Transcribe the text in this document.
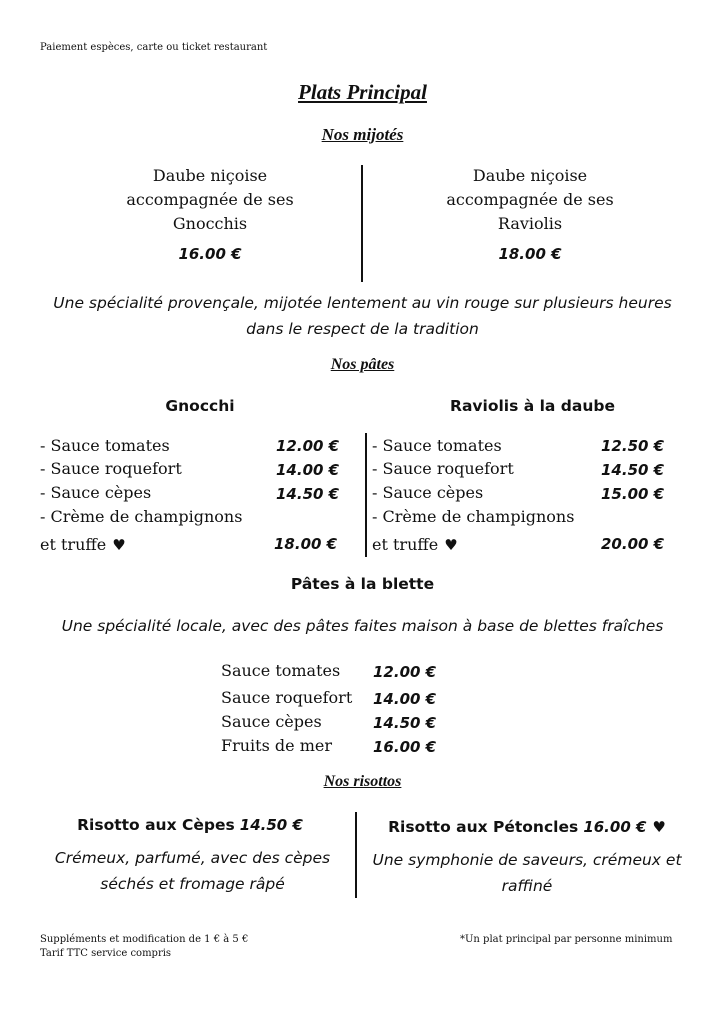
Paiement espèces, carte ou ticket restaurant
Plats Principal
Nos mijotés
Daube niçoise
accompagnée de ses
Gnocchis
16.00 €
Daube niçoise
accompagnée de ses
Raviolis
18.00 €
Une spécialité provençale, mijotée lentement au vin rouge sur plusieurs heures
dans le respect de la tradition
Nos pâtes
Gnocchi	Raviolis à la daube
- Sauce tomates	12.00 €
- Sauce roquefort	14.00 €
- Sauce cèpes	14.50 €
- Crème de champignons
et truffe ♥	18.00 €
- Sauce tomates	12.50 €
- Sauce roquefort	14.50 €
- Sauce cèpes	15.00 €
- Crème de champignons
et truffe ♥	20.00 €
Pâtes à la blette
Une spécialité locale, avec des pâtes faites maison à base de blettes fraîches
Sauce tomates 12.00 €
Sauce roquefort 14.00 €
Sauce cèpes	14.50 €
Fruits de mer	16.00 €
Nos risottos
Risotto aux Cèpes 14.50 €
Crémeux, parfumé, avec des cèpes
séchés et fromage râpé
Risotto aux Pétoncles 16.00 € ♥
Une symphonie de saveurs, crémeux et
raffiné
Suppléments et modification de 1 € à 5 €
Tarif TTC service compris
*Un plat principal par personne minimum
